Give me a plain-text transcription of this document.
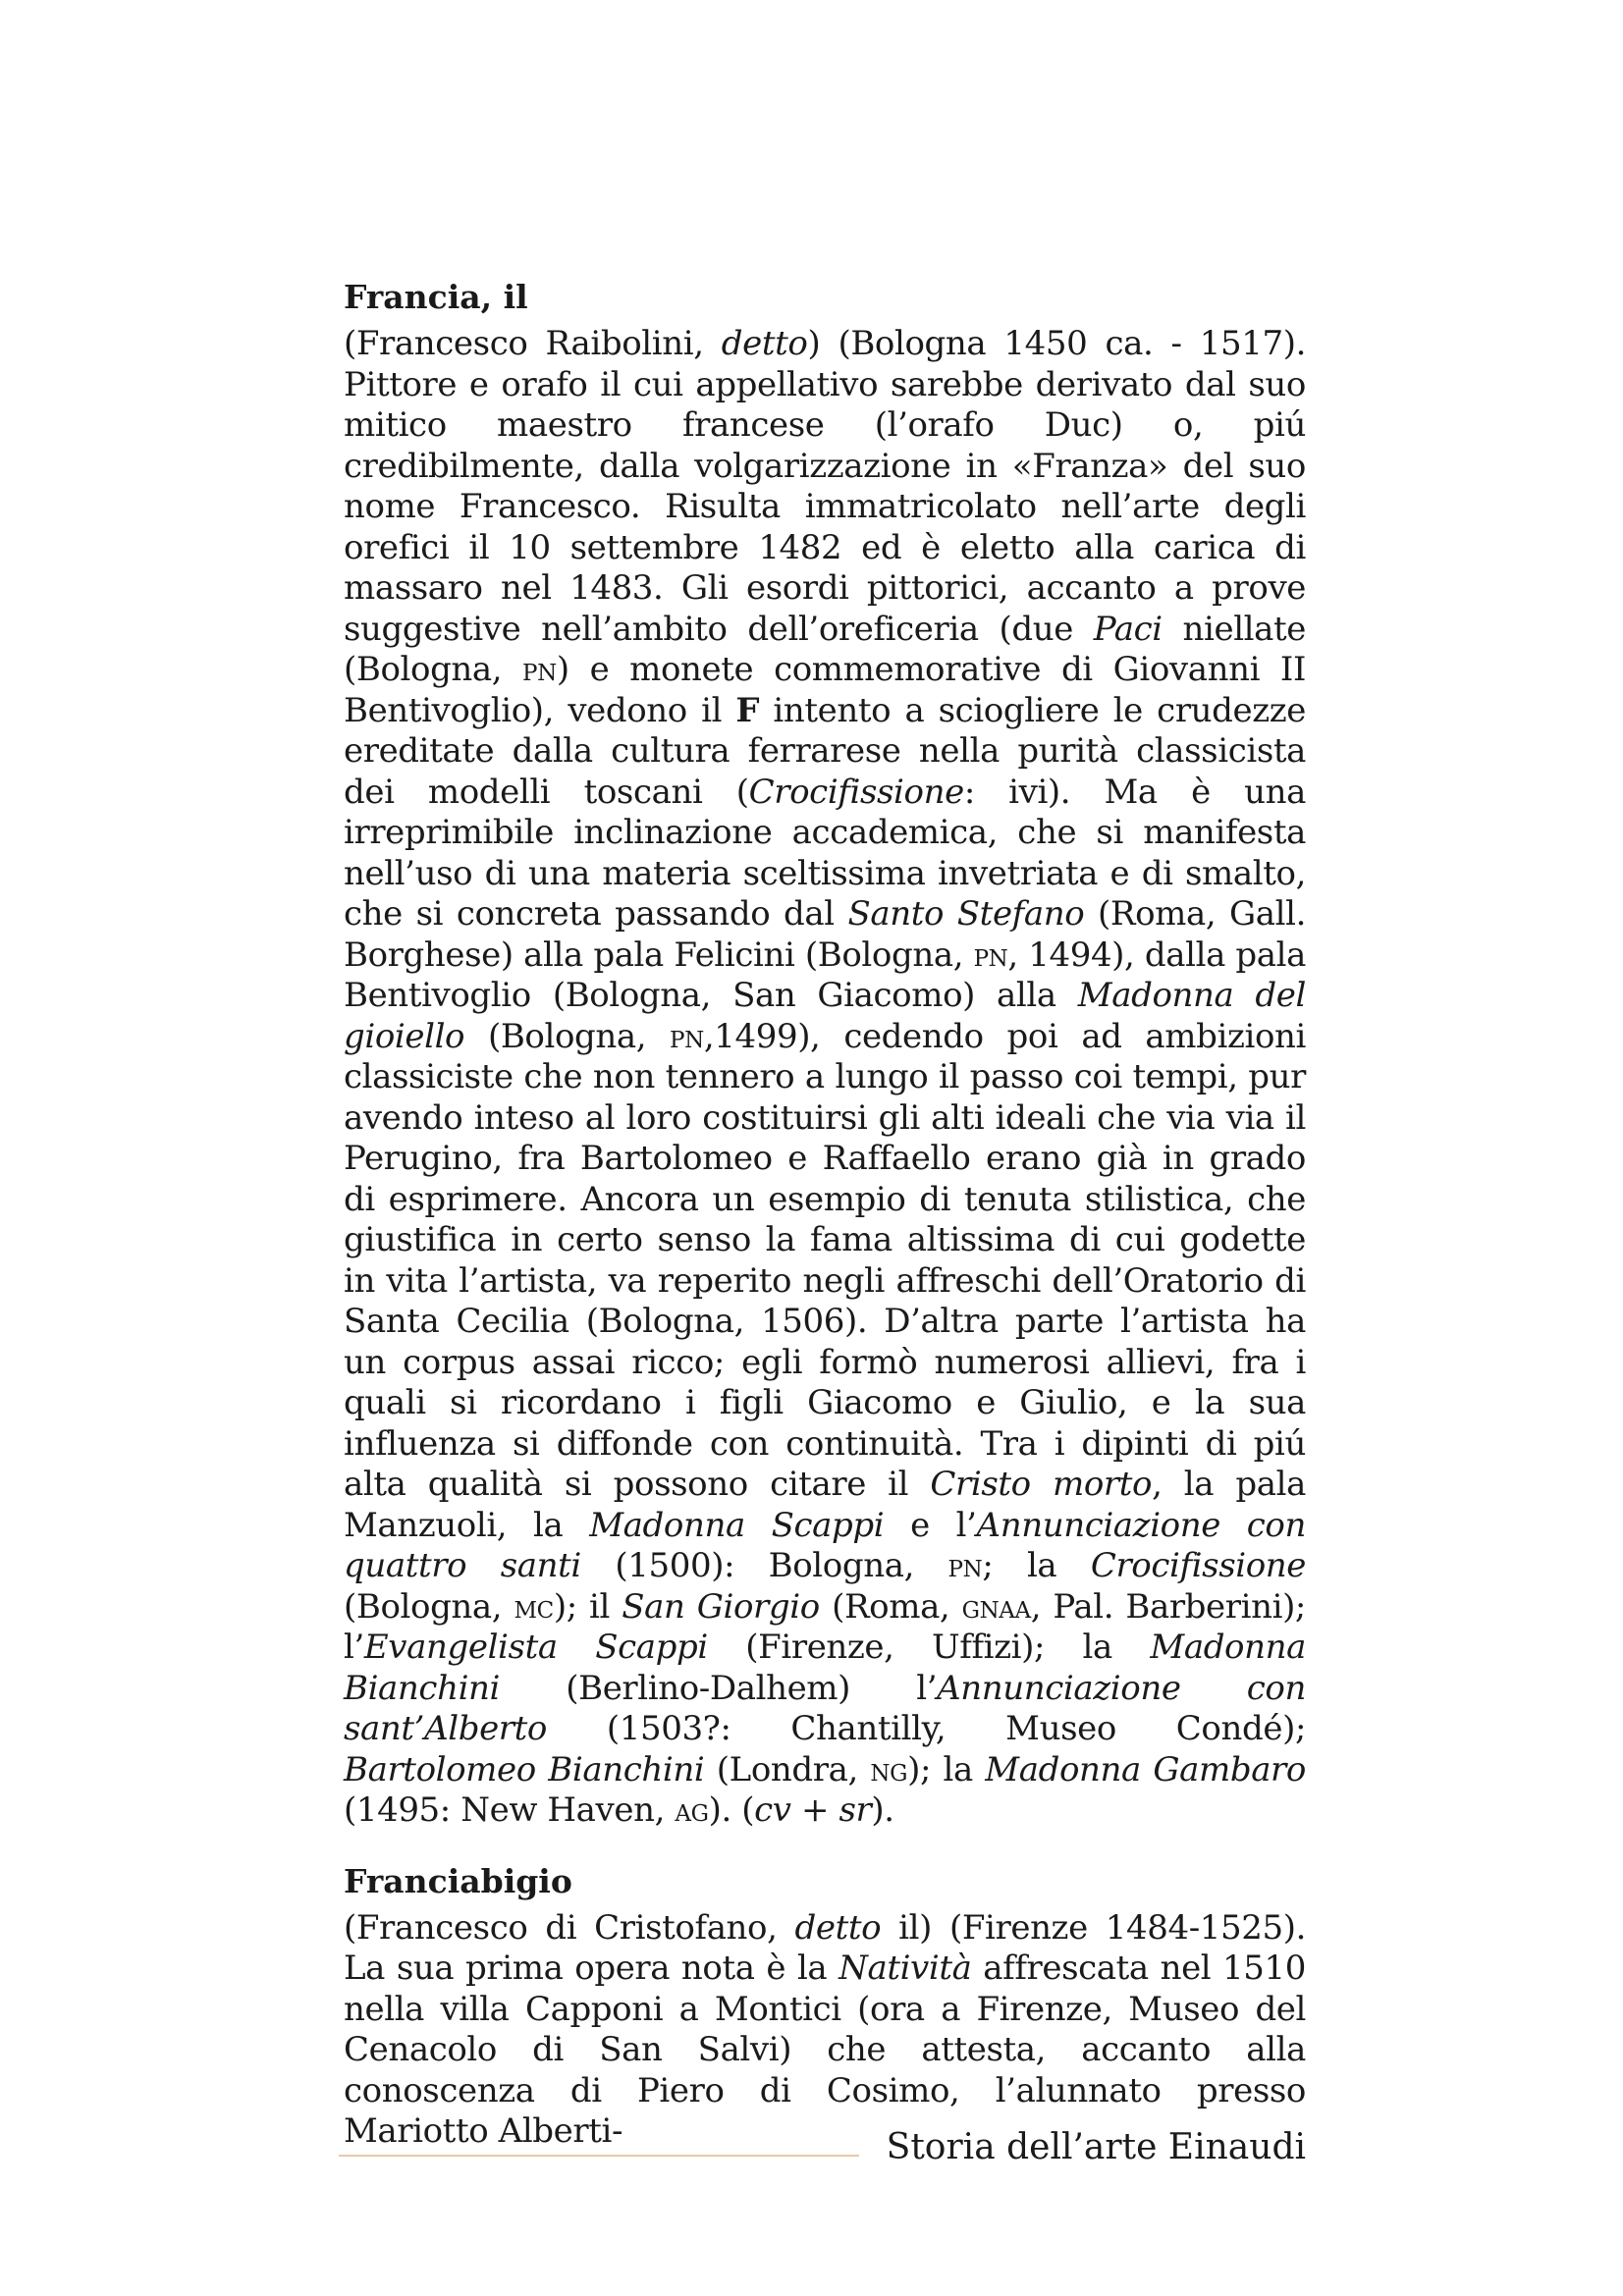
Francia, il

(Francesco Raibolini, detto) (Bologna 1450 ca. - 1517). Pittore e orafo il cui appellativo sarebbe derivato dal suo mitico maestro francese (l’orafo Duc) o, piú credibilmente, dalla volgarizzazione in «Franza» del suo nome Francesco. Risulta immatricolato nell’arte degli orefici il 10 settembre 1482 ed è eletto alla carica di massaro nel 1483. Gli esordi pittorici, accanto a prove suggestive nell’ambito dell’oreficeria (due Paci niellate (Bologna, pn) e monete commemorative di Giovanni II Bentivoglio), vedono il F intento a sciogliere le crudezze ereditate dalla cultura ferrarese nella purità classicista dei modelli toscani (Crocifissione: ivi). Ma è una irreprimibile inclinazione accademica, che si manifesta nell’uso di una materia sceltissima invetriata e di smalto, che si concreta passando dal Santo Stefano (Roma, Gall. Borghese) alla pala Felicini (Bologna, pn, 1494), dalla pala Bentivoglio (Bologna, San Giacomo) alla Madonna del gioiello (Bologna, pn,1499), cedendo poi ad ambizioni classiciste che non tennero a lungo il passo coi tempi, pur avendo inteso al loro costituirsi gli alti ideali che via via il Perugino, fra Bartolomeo e Raffaello erano già in grado di esprimere. Ancora un esempio di tenuta stilistica, che giustifica in certo senso la fama altissima di cui godette in vita l’artista, va reperito negli affreschi dell’Oratorio di Santa Cecilia (Bologna, 1506). D’altra parte l’artista ha un corpus assai ricco; egli formò numerosi allievi, fra i quali si ricordano i figli Giacomo e Giulio, e la sua influenza si diffonde con continuità. Tra i dipinti di piú alta qualità si possono citare il Cristo morto, la pala Manzuoli, la Madonna Scappi e l’Annunciazione con quattro santi (1500): Bologna, pn; la Crocifissione (Bologna, mc); il San Giorgio (Roma, gnaa, Pal. Barberini); l’Evangelista Scappi (Firenze, Uffizi); la Madonna Bianchini (Berlino-Dalhem) l’Annunciazione con sant’Alberto (1503?: Chantilly, Museo Condé); Bartolomeo Bianchini (Londra, ng); la Madonna Gambaro (1495: New Haven, ag). (cv + sr).

Franciabigio

(Francesco di Cristofano, detto il) (Firenze 1484-1525). La sua prima opera nota è la Natività affrescata nel 1510 nella villa Capponi a Montici (ora a Firenze, Museo del Cenacolo di San Salvi) che attesta, accanto alla conoscenza di Piero di Cosimo, l’alunnato presso Mariotto Alberti-	Storia dell’arte Einaudi
